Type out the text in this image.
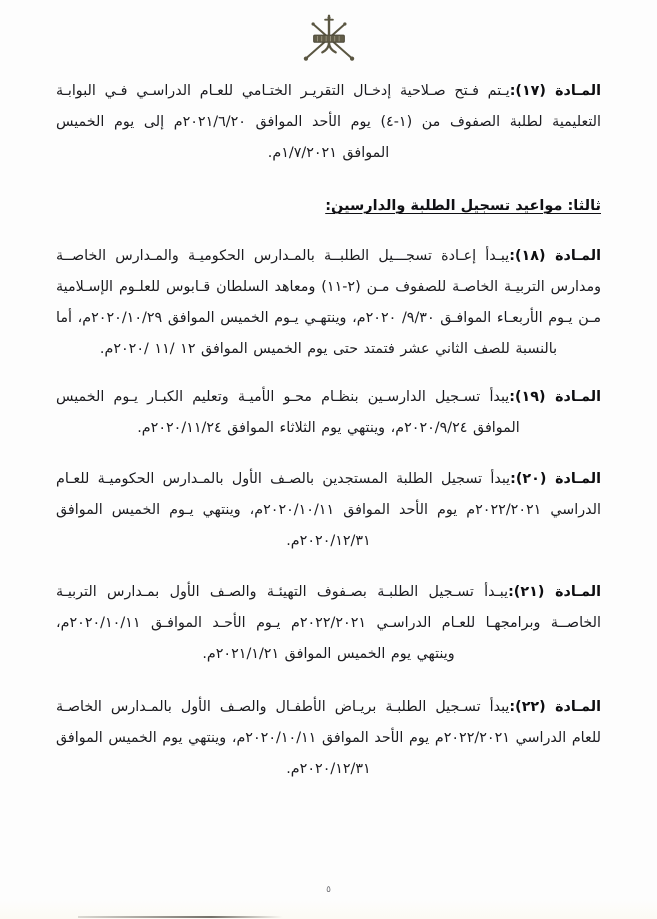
المـادة (١٧):يـتم فـتح صـلاحية إدخـال التقريـر الختـامي للعـام الدراسـي فـي البوابـة التعليمية لطلبة الصفوف من (١-٤) يوم الأحد الموافق ٢٠٢١/٦/٢٠م إلى يوم الخميس الموافق ١/٧/٢٠٢١م.

ثالثا: مواعيد تسجيل الطلبة والدارسين:

المـادة (١٨):يبـدأ إعـادة تسجـــيل الطلبــة بالمـدارس الحكوميـة والمـدارس الخاصــة ومدارس التربيـة الخاصـة للصفوف مـن (٢-١١) ومعاهد السلطان قـابوس للعلـوم الإسـلامية مـن يـوم الأربعـاء الموافـق ٩/٣٠/ ٢٠٢٠م، وينتهـي يـوم الخميس الموافق ٢٠٢٠/١٠/٢٩م، أما بالنسبة للصف الثاني عشر فتمتد حتى يوم الخميس الموافق ١٢ /١١ /٢٠٢٠م.

المـادة (١٩):يبدأ تسـجيل الدارسـين بنظـام محـو الأميـة وتعليم الكبـار يـوم الخميس الموافق ٢٠٢٠/٩/٢٤م، وينتهي يوم الثلاثاء الموافق ٢٠٢٠/١١/٢٤م.

المـادة (٢٠):يبدأ تسجيل الطلبة المستجدين بالصـف الأول بالمـدارس الحكوميـة للعـام الدراسي ٢٠٢٢/٢٠٢١م يوم الأحد الموافق ٢٠٢٠/١٠/١١م، وينتهي يـوم الخميس الموافق ٢٠٢٠/١٢/٣١م.

المـادة (٢١):يبـدأ تسـجيل الطلبـة بصـفوف التهيئـة والصـف الأول بمـدارس التربيـة الخاصــة وبرامجهـا للعـام الدراسـي ٢٠٢٢/٢٠٢١م يـوم الأحـد الموافـق ٢٠٢٠/١٠/١١م، وينتهي يوم الخميس الموافق ٢٠٢١/١/٢١م.

المـادة (٢٢):يبدأ تسـجيل الطلبـة بريـاض الأطفـال والصـف الأول بالمـدارس الخاصـة للعام الدراسي ٢٠٢٢/٢٠٢١م يوم الأحد الموافق ٢٠٢٠/١٠/١١م، وينتهي يوم الخميس الموافق ٢٠٢٠/١٢/٣١م.

٥
